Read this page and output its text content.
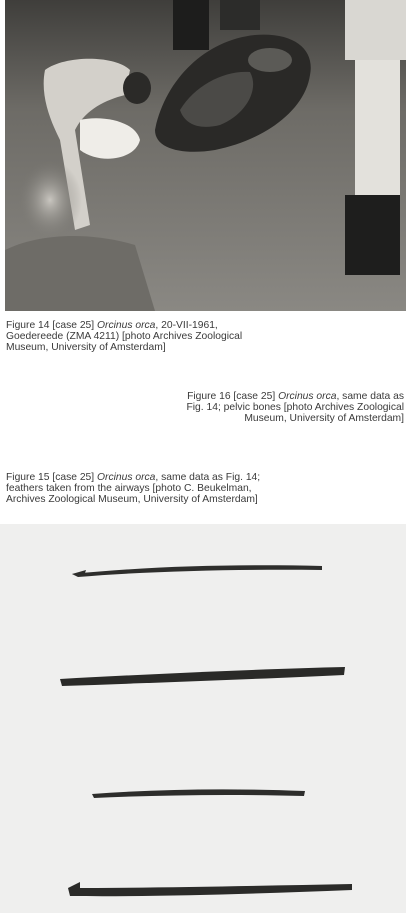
Figure 14 [case 25] Orcinus orca, 20-VII-1961,
Goedereede (ZMA 4211) [photo Archives Zoological
Museum, University of Amsterdam]

Figure 16 [case 25] Orcinus orca, same data as
Fig. 14; pelvic bones [photo Archives Zoological
Museum, University of Amsterdam]

Figure 15 [case 25] Orcinus orca, same data as Fig. 14;
feathers taken from the airways [photo C. Beukelman,
Archives Zoological Museum, University of Amsterdam]
